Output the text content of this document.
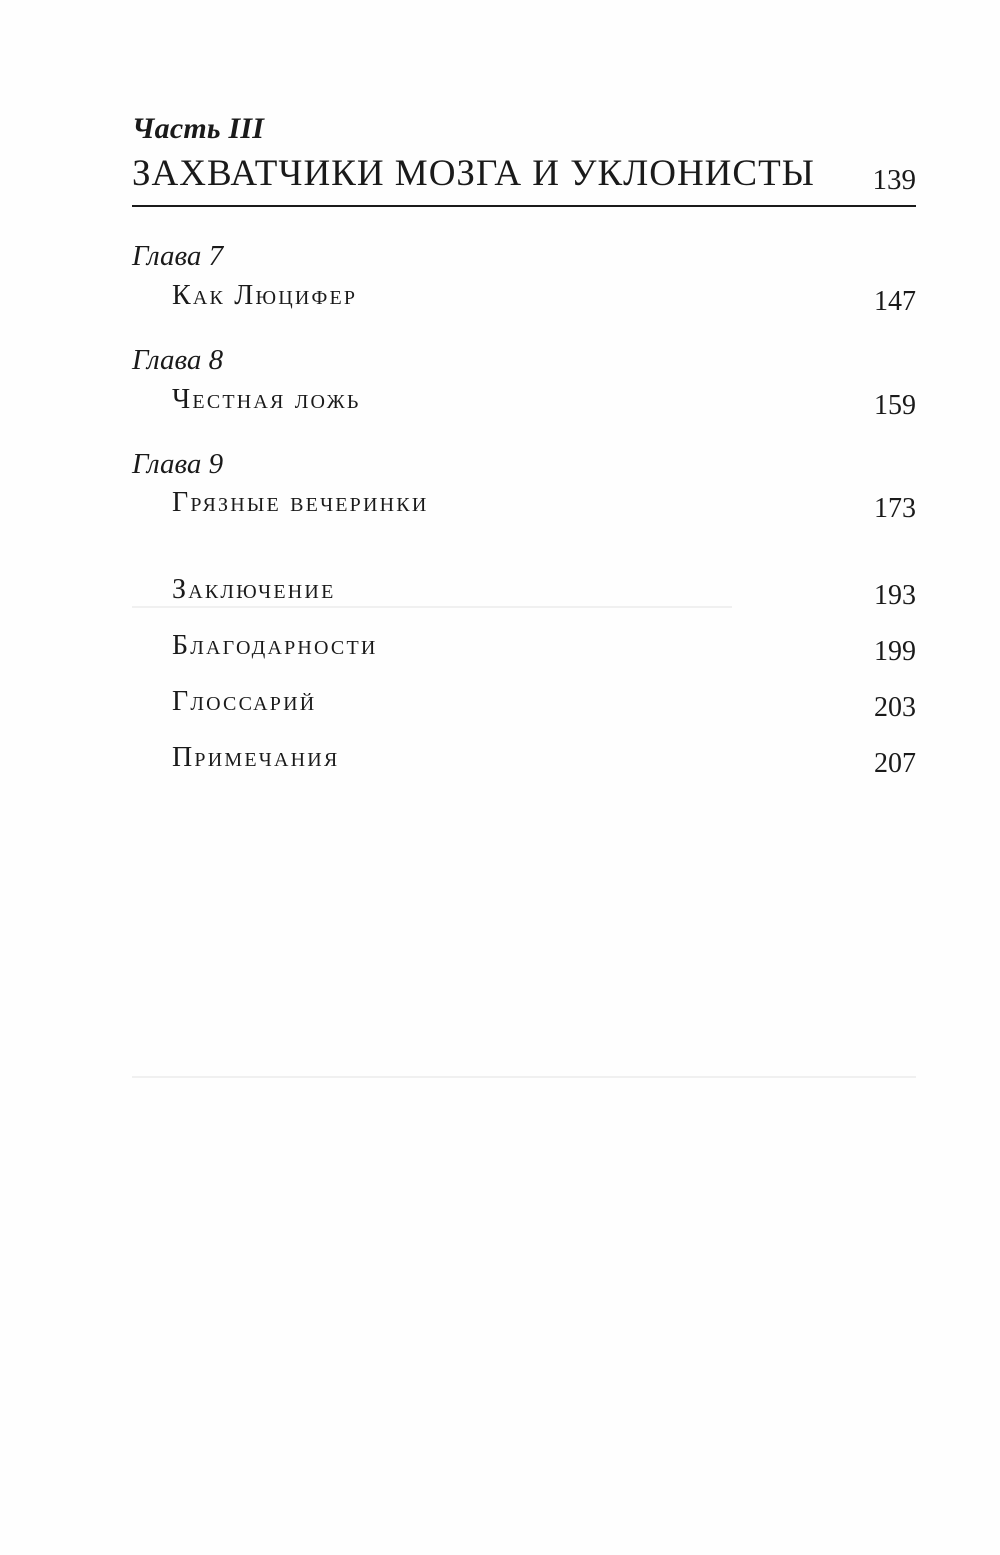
Часть III
ЗАХВАТЧИКИ МОЗГА И УКЛОНИСТЫ 139
Глава 7
Как Люцифер	147
Глава 8
Честная ложь	159
Глава 9
Грязные вечеринки	173
Заключение	193
Благодарности	199
Глоссарий	203
Примечания	207
